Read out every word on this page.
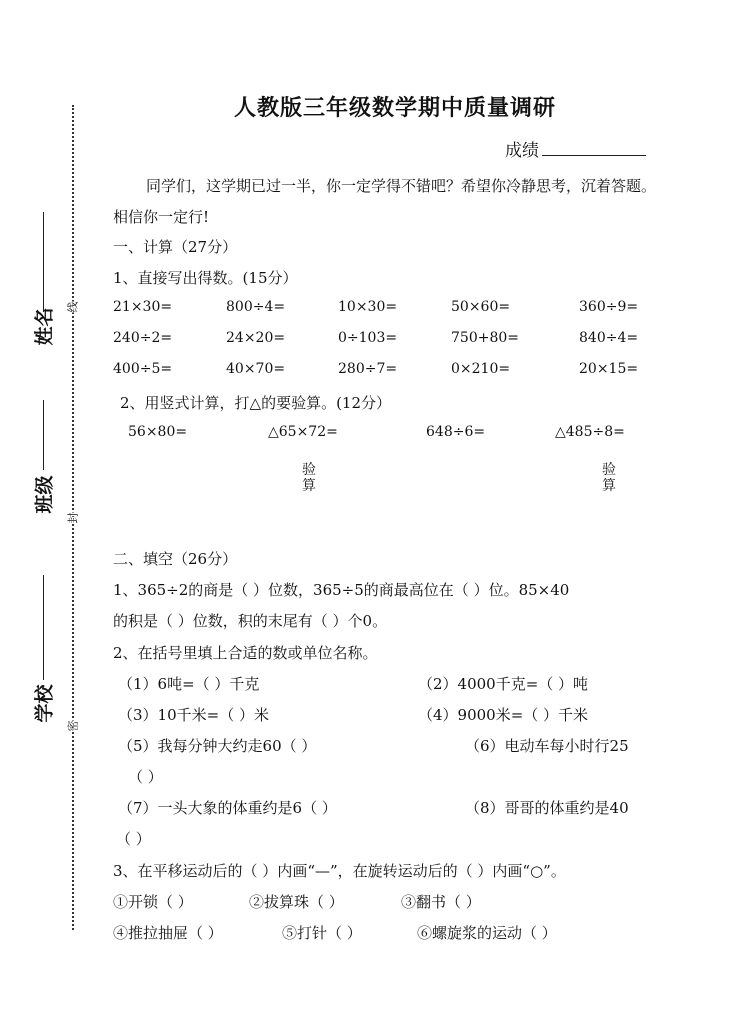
姓名
线
班级
封
学校
密
人教版三年级数学期中质量调研
成绩
同学们，这学期已过一半，你一定学得不错吧？希望你冷静思考，沉着答题。
相信你一定行!
一、计算（27分）
1、直接写出得数。(15分）
21×30=	800÷4=	10×30=	50×60=	360÷9=
240÷2=	24×20=	0÷103=	750+80=	840÷4=
400÷5=	40×70=	280÷7=	0×210=	20×15=
2、用竖式计算，打△的要验算。(12分）
56×80=	△65×72=	648÷6=	△485÷8=
验算
验算
二、填空（26分）
1、365÷2的商是（ ）位数，365÷5的商最高位在（ ）位。85×40
的积是（ ）位数，积的末尾有（ ）个0。
2、在括号里填上合适的数或单位名称。
（1）6吨=（ ）千克	（2）4000千克=（ ）吨
（3）10千米=（ ）米	（4）9000米=（ ）千米
（5）我每分钟大约走60（ ）	（6）电动车每小时行25
（ ）
（7）一头大象的体重约是6（ ）	（8）哥哥的体重约是40
（ ）
3、在平移运动后的（ ）内画“—”，在旋转运动后的（ ）内画“○”。
①开锁（ ）	②拔算珠（ ）	③翻书（ ）
④推拉抽屉（ ）	⑤打针（ ）	⑥螺旋浆的运动（ ）
